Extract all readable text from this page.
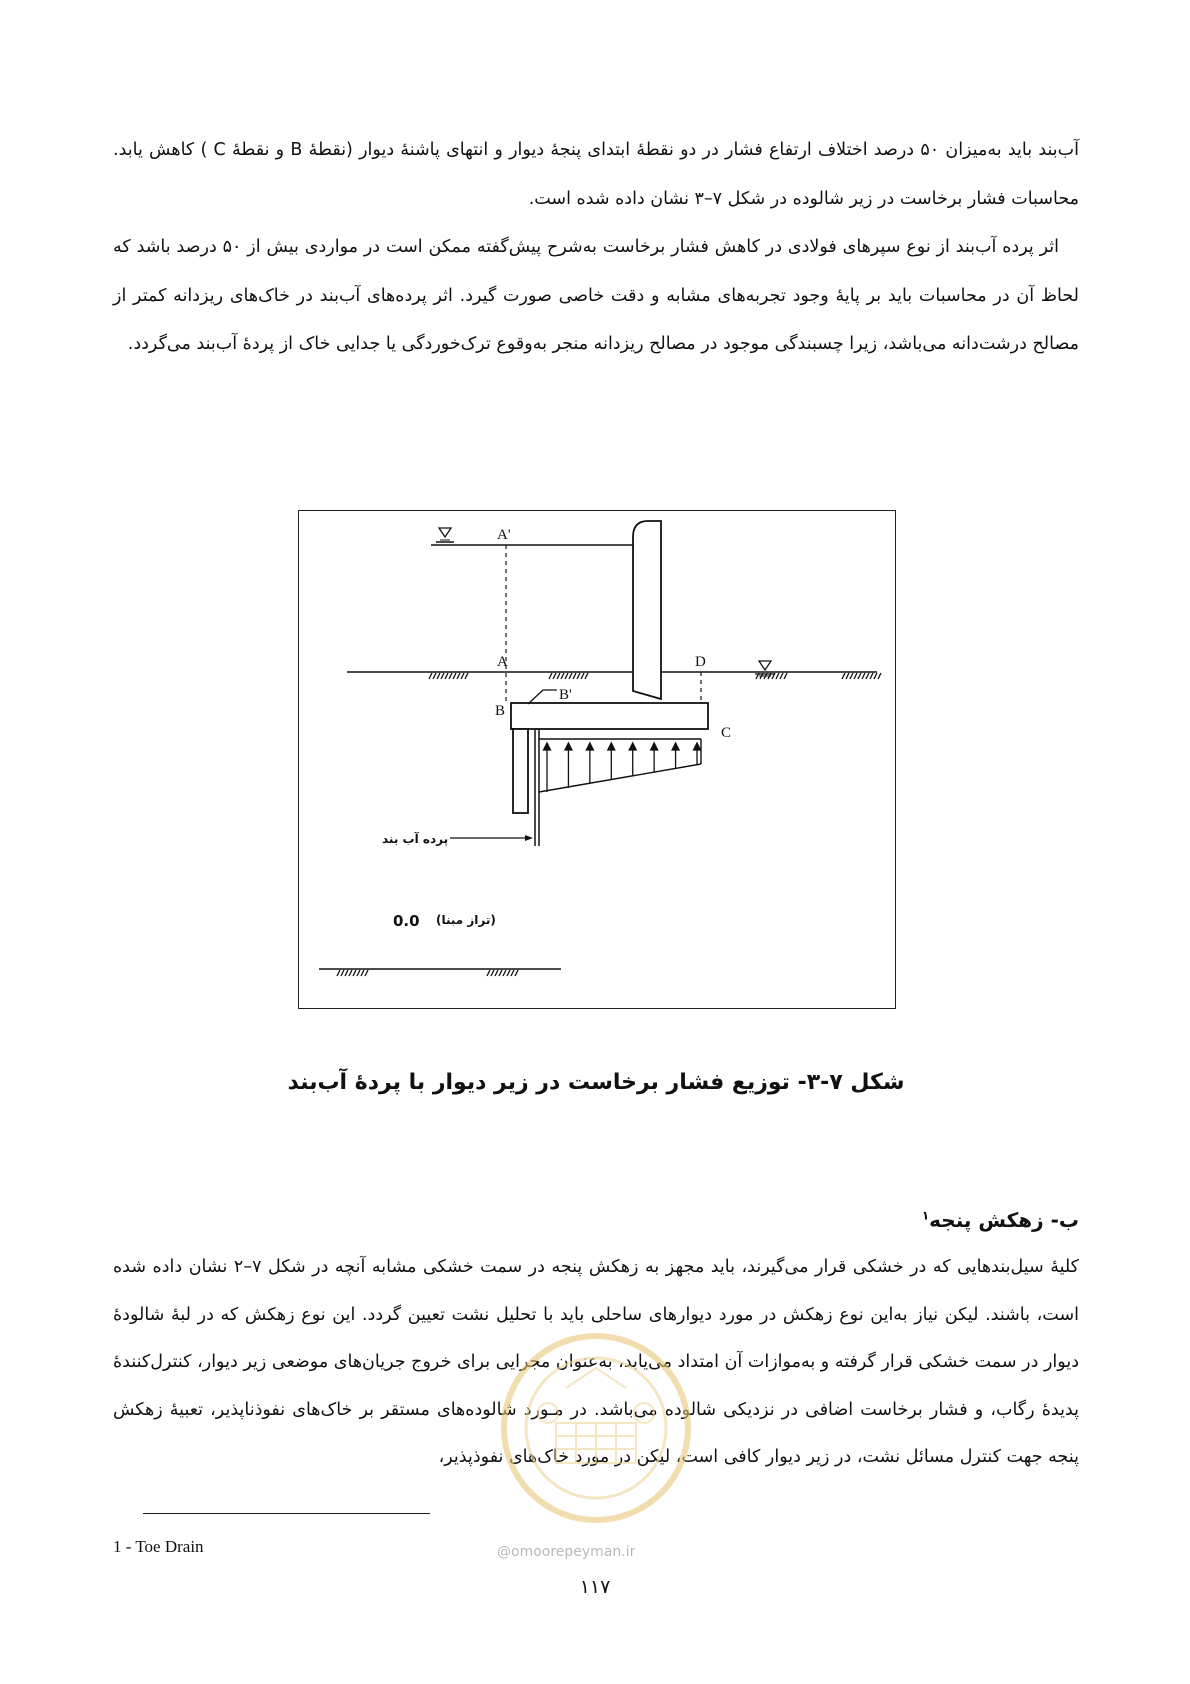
آب‌بند باید به‌میزان ۵۰ درصد اختلاف ارتفاع فشار در دو نقطهٔ ابتدای پنجهٔ دیوار و انتهای پاشنهٔ دیوار (نقطهٔ B و نقطهٔ C ) کاهش یابد. محاسبات فشار برخاست در زیر شالوده در شکل ۷–۳ نشان داده شده است.

اثر پرده آب‌بند از نوع سپرهای فولادی در کاهش فشار برخاست به‌شرح پیش‌گفته ممکن است در مواردی بیش از ۵۰ درصد باشد که لحاظ آن در محاسبات باید بر پایهٔ وجود تجربه‌های مشابه و دقت خاصی صورت گیرد. اثر پرده‌های آب‌بند در خاک‌های ریزدانه کمتر از مصالح درشت‌دانه می‌باشد، زیرا چسبندگی موجود در مصالح ریزدانه منجر به‌وقوع ترک‌خوردگی یا جدایی خاک از پردهٔ آب‌بند می‌گردد.

A'
A
B
B'
C
D
پرده آب بند
0.0 (تراز مبنا)
شکل ۷-۳- توزیع فشار برخاست در زیر دیوار با پردهٔ آب‌بند
ب- زهکش پنجه$^۱$

کلیهٔ سیل‌بندهایی که در خشکی قرار می‌گیرند، باید مجهز به زهکش پنجه در سمت خشکی مشابه آنچه در شکل ۷–۲ نشان داده شده است، باشند. لیکن نیاز به‌این نوع زهکش در مورد دیوارهای ساحلی باید با تحلیل نشت تعیین گردد. این نوع زهکش که در لبهٔ شالودهٔ دیوار در سمت خشکی قرار گرفته و به‌موازات آن امتداد می‌یابد، به‌عنوان مجرایی برای خروج جریان‌های موضعی زیر دیوار، کنترل‌کنندهٔ پدیدهٔ رگاب، و فشار برخاست اضافی در نزدیکی شالوده می‌باشد. در مـورد شالوده‌های مستقر بر خاک‌های نفوذناپذیر، تعبیهٔ زهکش پنجه جهت کنترل مسائل نشت، در زیر دیوار کافی است، لیکن در مورد خاک‌های نفوذپذیر،

1 - Toe Drain	@omoorepeyman.ir
۱۱۷
